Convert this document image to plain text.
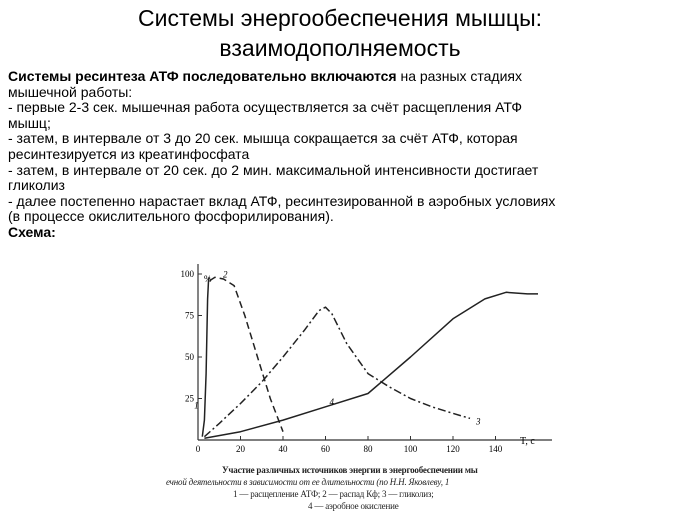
Системы энергообеспечения мышцы:
взаимодополняемость
Системы ресинтеза АТФ последовательно включаются на разных стадиях
мышечной работы:
- первые 2-3 сек. мышечная работа осуществляется за счёт расщепления АТФ
мышц;
- затем, в интервале от 3 до 20 сек. мышца сокращается за счёт АТФ, которая
ресинтезируется из креатинфосфата
- затем, в интервале от 20 сек. до 2 мин. максимальной интенсивности достигает
гликолиз
- далее постепенно нарастает вклад АТФ, ресинтезированной в аэробных условиях
(в процессе окислительного фосфорилирования).
Схема:
%
T, с
0	20	40	60	80	100	120	140
100
75
50
25
1
2
3
4
Участие различных источников энергии в энергообеспечении мы
ечной деятельности в зависимости от ее длительности (по Н.Н. Яковлеву, 1
1 — расщепление АТФ; 2 — распад Кф; 3 — гликолиз;
4 — аэробное окисление
